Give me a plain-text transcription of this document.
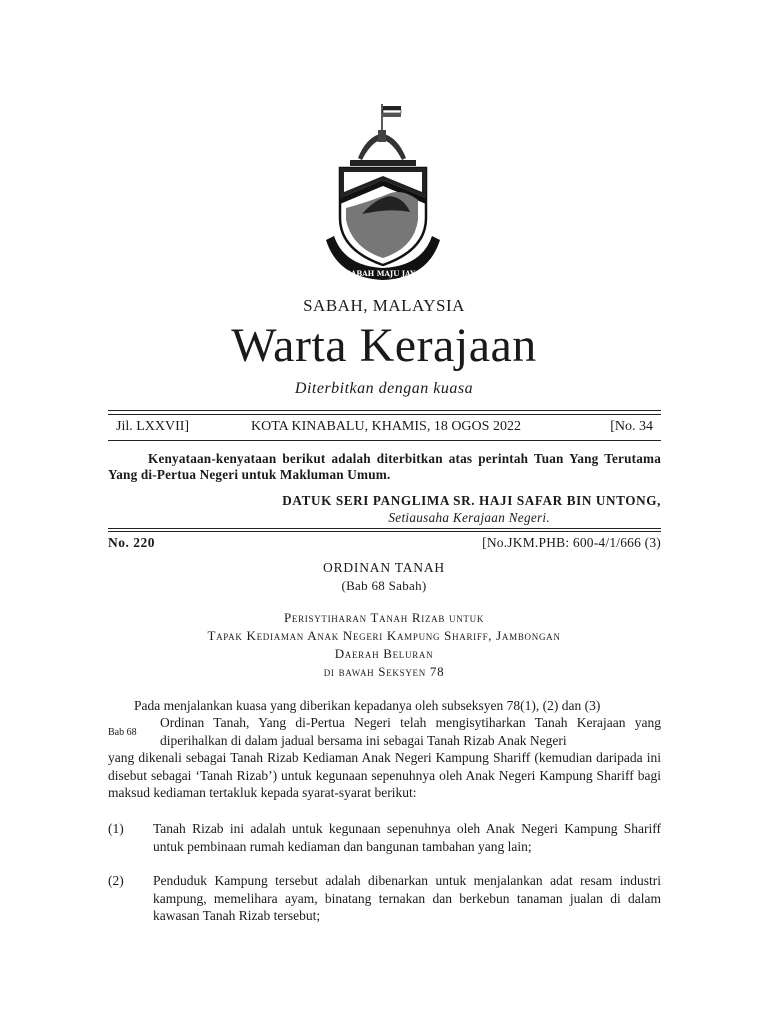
SABAH MAJU JAYA
SABAH, MALAYSIA
Warta Kerajaan
Diterbitkan dengan kuasa
Jil. LXXVII]	KOTA KINABALU, KHAMIS, 18 OGOS 2022	[No. 34
Kenyataan-kenyataan berikut adalah diterbitkan atas perintah Tuan Yang Terutama Yang di-Pertua Negeri untuk Makluman Umum.
DATUK SERI PANGLIMA SR. HAJI SAFAR BIN UNTONG,
Setiausaha Kerajaan Negeri.
No. 220	[No.JKM.PHB: 600-4/1/666 (3)
ORDINAN TANAH
(Bab 68 Sabah)
Perisytiharan Tanah Rizab untuk
Tapak Kediaman Anak Negeri Kampung Shariff, Jambongan
Daerah Beluran
di bawah Seksyen 78
Pada menjalankan kuasa yang diberikan kepadanya oleh subseksyen 78(1), (2) dan (3)
Bab 68
Ordinan Tanah, Yang di-Pertua Negeri telah mengisytiharkan Tanah Kerajaan yang diperihalkan di dalam jadual bersama ini sebagai Tanah Rizab Anak Negeri
yang dikenali sebagai Tanah Rizab Kediaman Anak Negeri Kampung Shariff (kemudian daripada ini disebut sebagai ‘Tanah Rizab’) untuk kegunaan sepenuhnya oleh Anak Negeri Kampung Shariff bagi maksud kediaman tertakluk kepada syarat-syarat berikut:
(1) Tanah Rizab ini adalah untuk kegunaan sepenuhnya oleh Anak Negeri Kampung Shariff untuk pembinaan rumah kediaman dan bangunan tambahan yang lain;
(2) Penduduk Kampung tersebut adalah dibenarkan untuk menjalankan adat resam industri kampung, memelihara ayam, binatang ternakan dan berkebun tanaman jualan di dalam kawasan Tanah Rizab tersebut;
